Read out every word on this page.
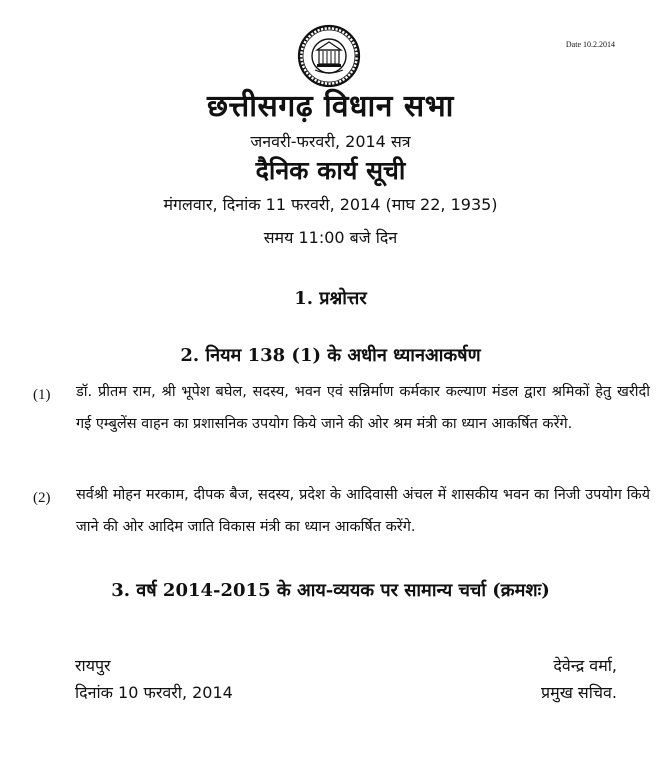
Date 10.2.2014
छत्तीसगढ़ विधान सभा
जनवरी-फरवरी, 2014 सत्र
दैनिक कार्य सूची
मंगलवार, दिनांक 11 फरवरी, 2014 (माघ 22, 1935)
समय 11:00 बजे दिन
1. प्रश्नोत्तर
2. नियम 138 (1) के अधीन ध्यानआकर्षण
(1) डॉ. प्रीतम राम, श्री भूपेश बघेल, सदस्य, भवन एवं सन्निर्माण कर्मकार कल्याण मंडल द्वारा श्रमिकों हेतु खरीदी गई एम्बुलेंस वाहन का प्रशासनिक उपयोग किये जाने की ओर श्रम मंत्री का ध्यान आकर्षित करेंगे.
(2) सर्वश्री मोहन मरकाम, दीपक बैज, सदस्य, प्रदेश के आदिवासी अंचल में शासकीय भवन का निजी उपयोग किये जाने की ओर आदिम जाति विकास मंत्री का ध्यान आकर्षित करेंगे.
3. वर्ष 2014-2015 के आय-व्ययक पर सामान्य चर्चा (क्रमशः)
रायपुर
दिनांक 10 फरवरी, 2014
देवेन्द्र वर्मा,
प्रमुख सचिव.
